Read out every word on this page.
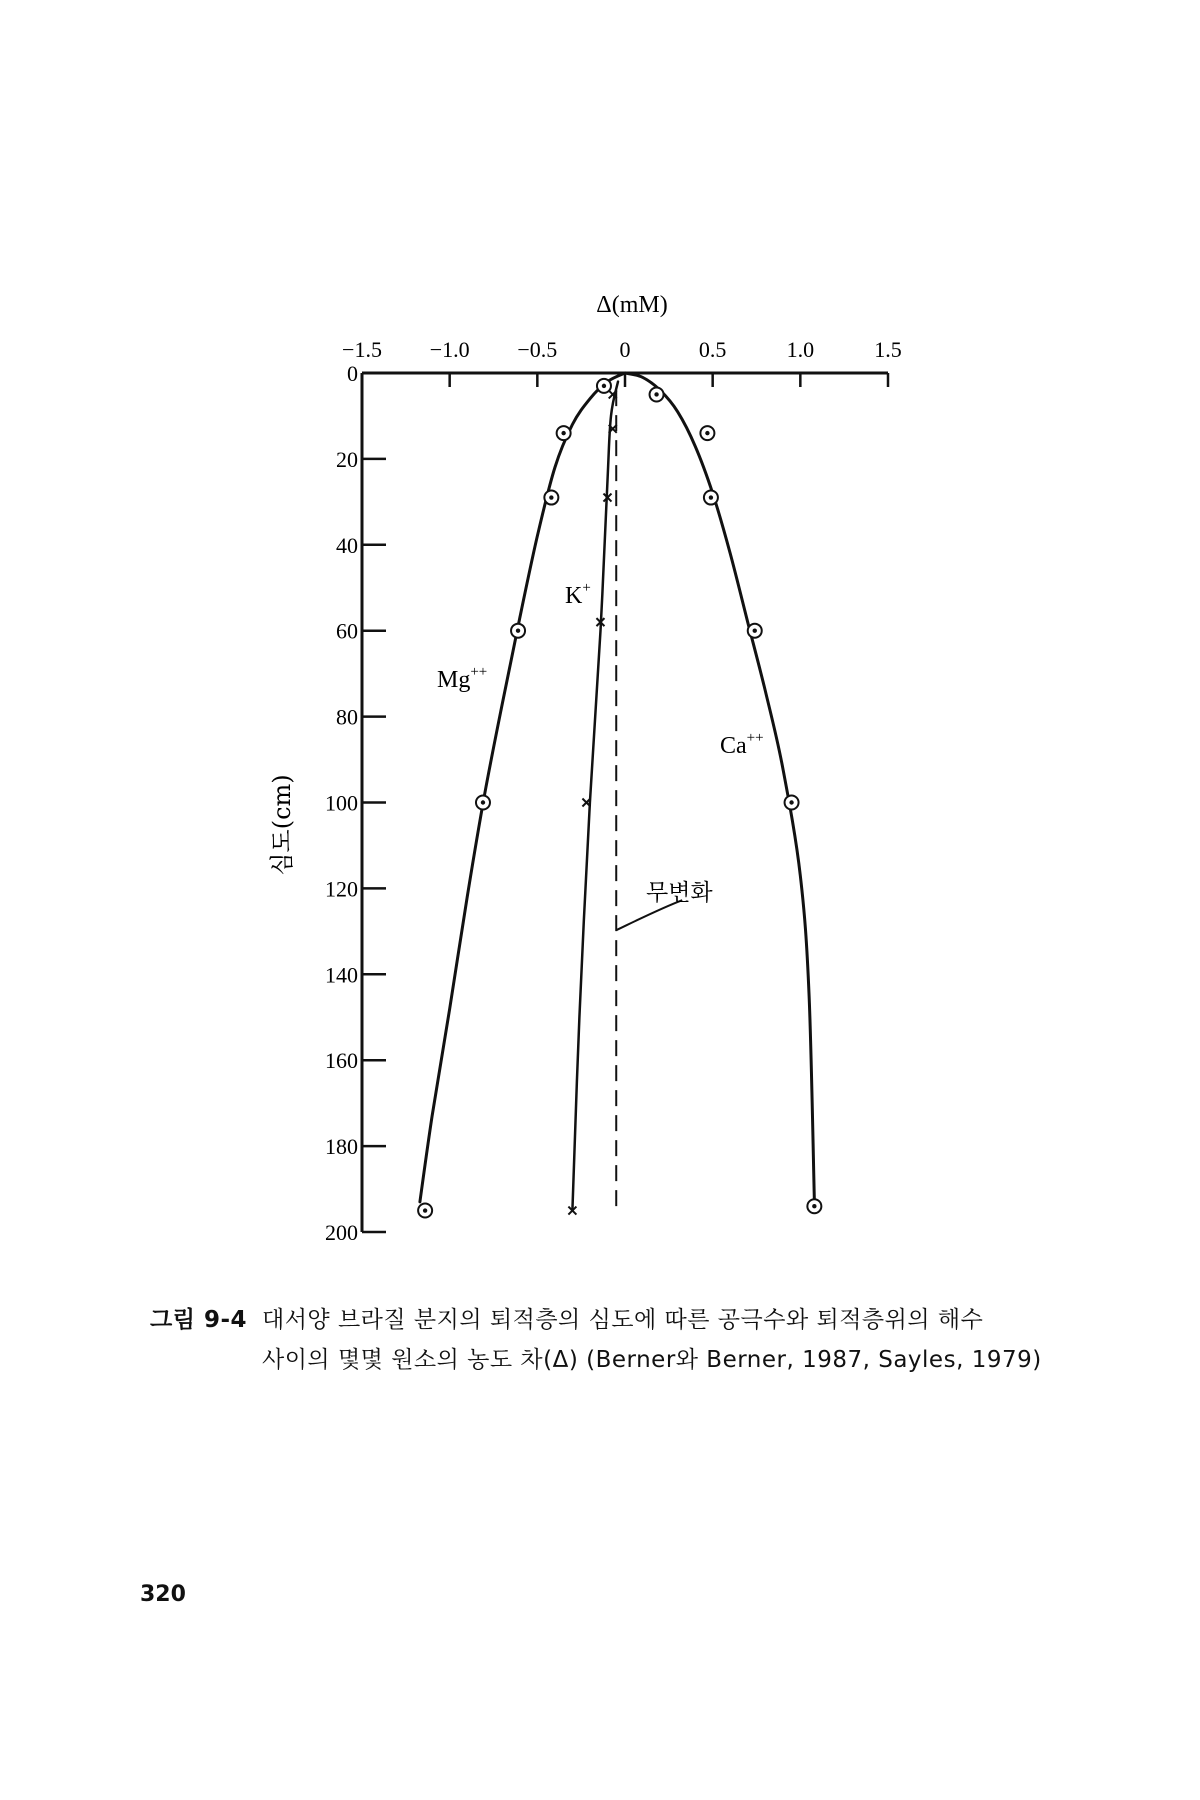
Δ(mM)
−1.5 −1.0 −0.5	0	0.5	1.0	1.5
0
20
40
60
80
100
120
140
160
180
200
심도(cm)
무변화
Mg++
K+
Ca++
그림 9-4 대서양 브라질 분지의 퇴적층의 심도에 따른 공극수와 퇴적층위의 해수
사이의 몇몇 원소의 농도 차(Δ) (Berner와 Berner, 1987, Sayles, 1979)
320
